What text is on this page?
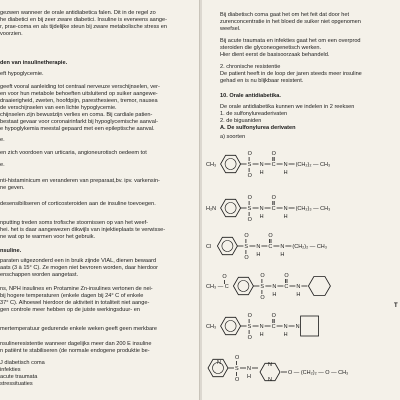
gezwen wanneer de orale antidiabetica falen. Dit in de regel zo
he diabetici en bij zeer zware diabetici. Insuline is eveneens aange-
r, prae-coma en als tijdelijke steun bij zware metabolische stress en
voorzien.
den van insulinetherapie.
eft hypoglycemie.
geeft vooral aanleiding tot centraal nerveuze verschijnselen, ver-
en voor hun metabole behoeften uitsluitend op suiker aangewe-
draaierigheid, zweten, hoofdpijn, paresthesieen, tremor, nausea
de verschijnselen van een lichte hypoglycemie.
chijnselen zijn bewustzijn verlies en coma. Bij cardiale patien-
bestaat gevaar voor coronairinfarkt bij hypoglycemische aanval-
e hypoglykemia meestal gepaard met een epileptische aanval.
e.
en zich voordoen van urticaria, angioneurotisch oedeem tot
e.
nti-histaminicum en veranderen van preparaat,bv. ipv. varkensin-
ne geven.
desensibiliseren of corticosteroiden aan de insuline toevoegen.
nputting treden soms trofische stoornissen op van het weef-
hei. het is daar aangewezen dikwijls van injektieplaats te verwisse-
ne wat op te warmen voor het gebruik.
nsuline.
paraten uitgezonderd een in bruik zijnde VIAL, dienen bewaard
aats (3 à 15° C). Ze mogen niet bevroren worden, daar hierdoor
enschappen worden aangetast.
ns, NPH insulines en Protamine Zn-insulines vertonen de nei-
bij hogere temperaturen (enkele dagen bij 24° C of enkele
37° C). Alhoewel hierdoor de aktiviteit in totaliteit niet aange-
gen controle meer hebben op de juiste werkingsduur- en
mertemperatuur gedurende enkele weken geeft geen merkbare
nsulineresistentie wanneer dagelijks meer dan 200 E insuline
n patiënt te stabiliseren (de normale endogene produktie be-
J diabetisch coma
infekties
acute traumata
stressituaties
T
Bij diabetisch coma gaat het om het feit dat door het
zurenconcentratie in het bloed de suiker niet opgenomen
weefsel.
Bij acute traumata en infekties gaat het om een overprod
steroiden die glyconeogenetisch werken.
Hier dient eerst de basisoorzaak behandeld.
2. chronische resistentie
De patient heeft in de loop der jaren steeds meer insuline
gehad en is nu blijkbaar resistent.
10. Orale antidiabetika.
De orale antidiabetika kunnen we indelen in 2 reeksen
1. de sulfonylureaderivaten
2. de biguaniden
A. De sulfonylurea derivaten
a) soorten
CH₃	S
O
O
N
H
C
O
N
H
(CH₂)₂ — CH₃
H₂N	S
O
O
N
H
C
O
N
H
(CH₂)₃ — CH₃
Cl	S
O
O
N
H
C
O
N
H
(CH₂)₂ — CH₃
CH₃ — C
O
S
O
O
N
H
C
O
N
H
CH₃	S
O
O
N
H
C
O
N
H
N
N
S
O
O
N
H
N
N
O — (CH₂)₂ — O — CH₃
